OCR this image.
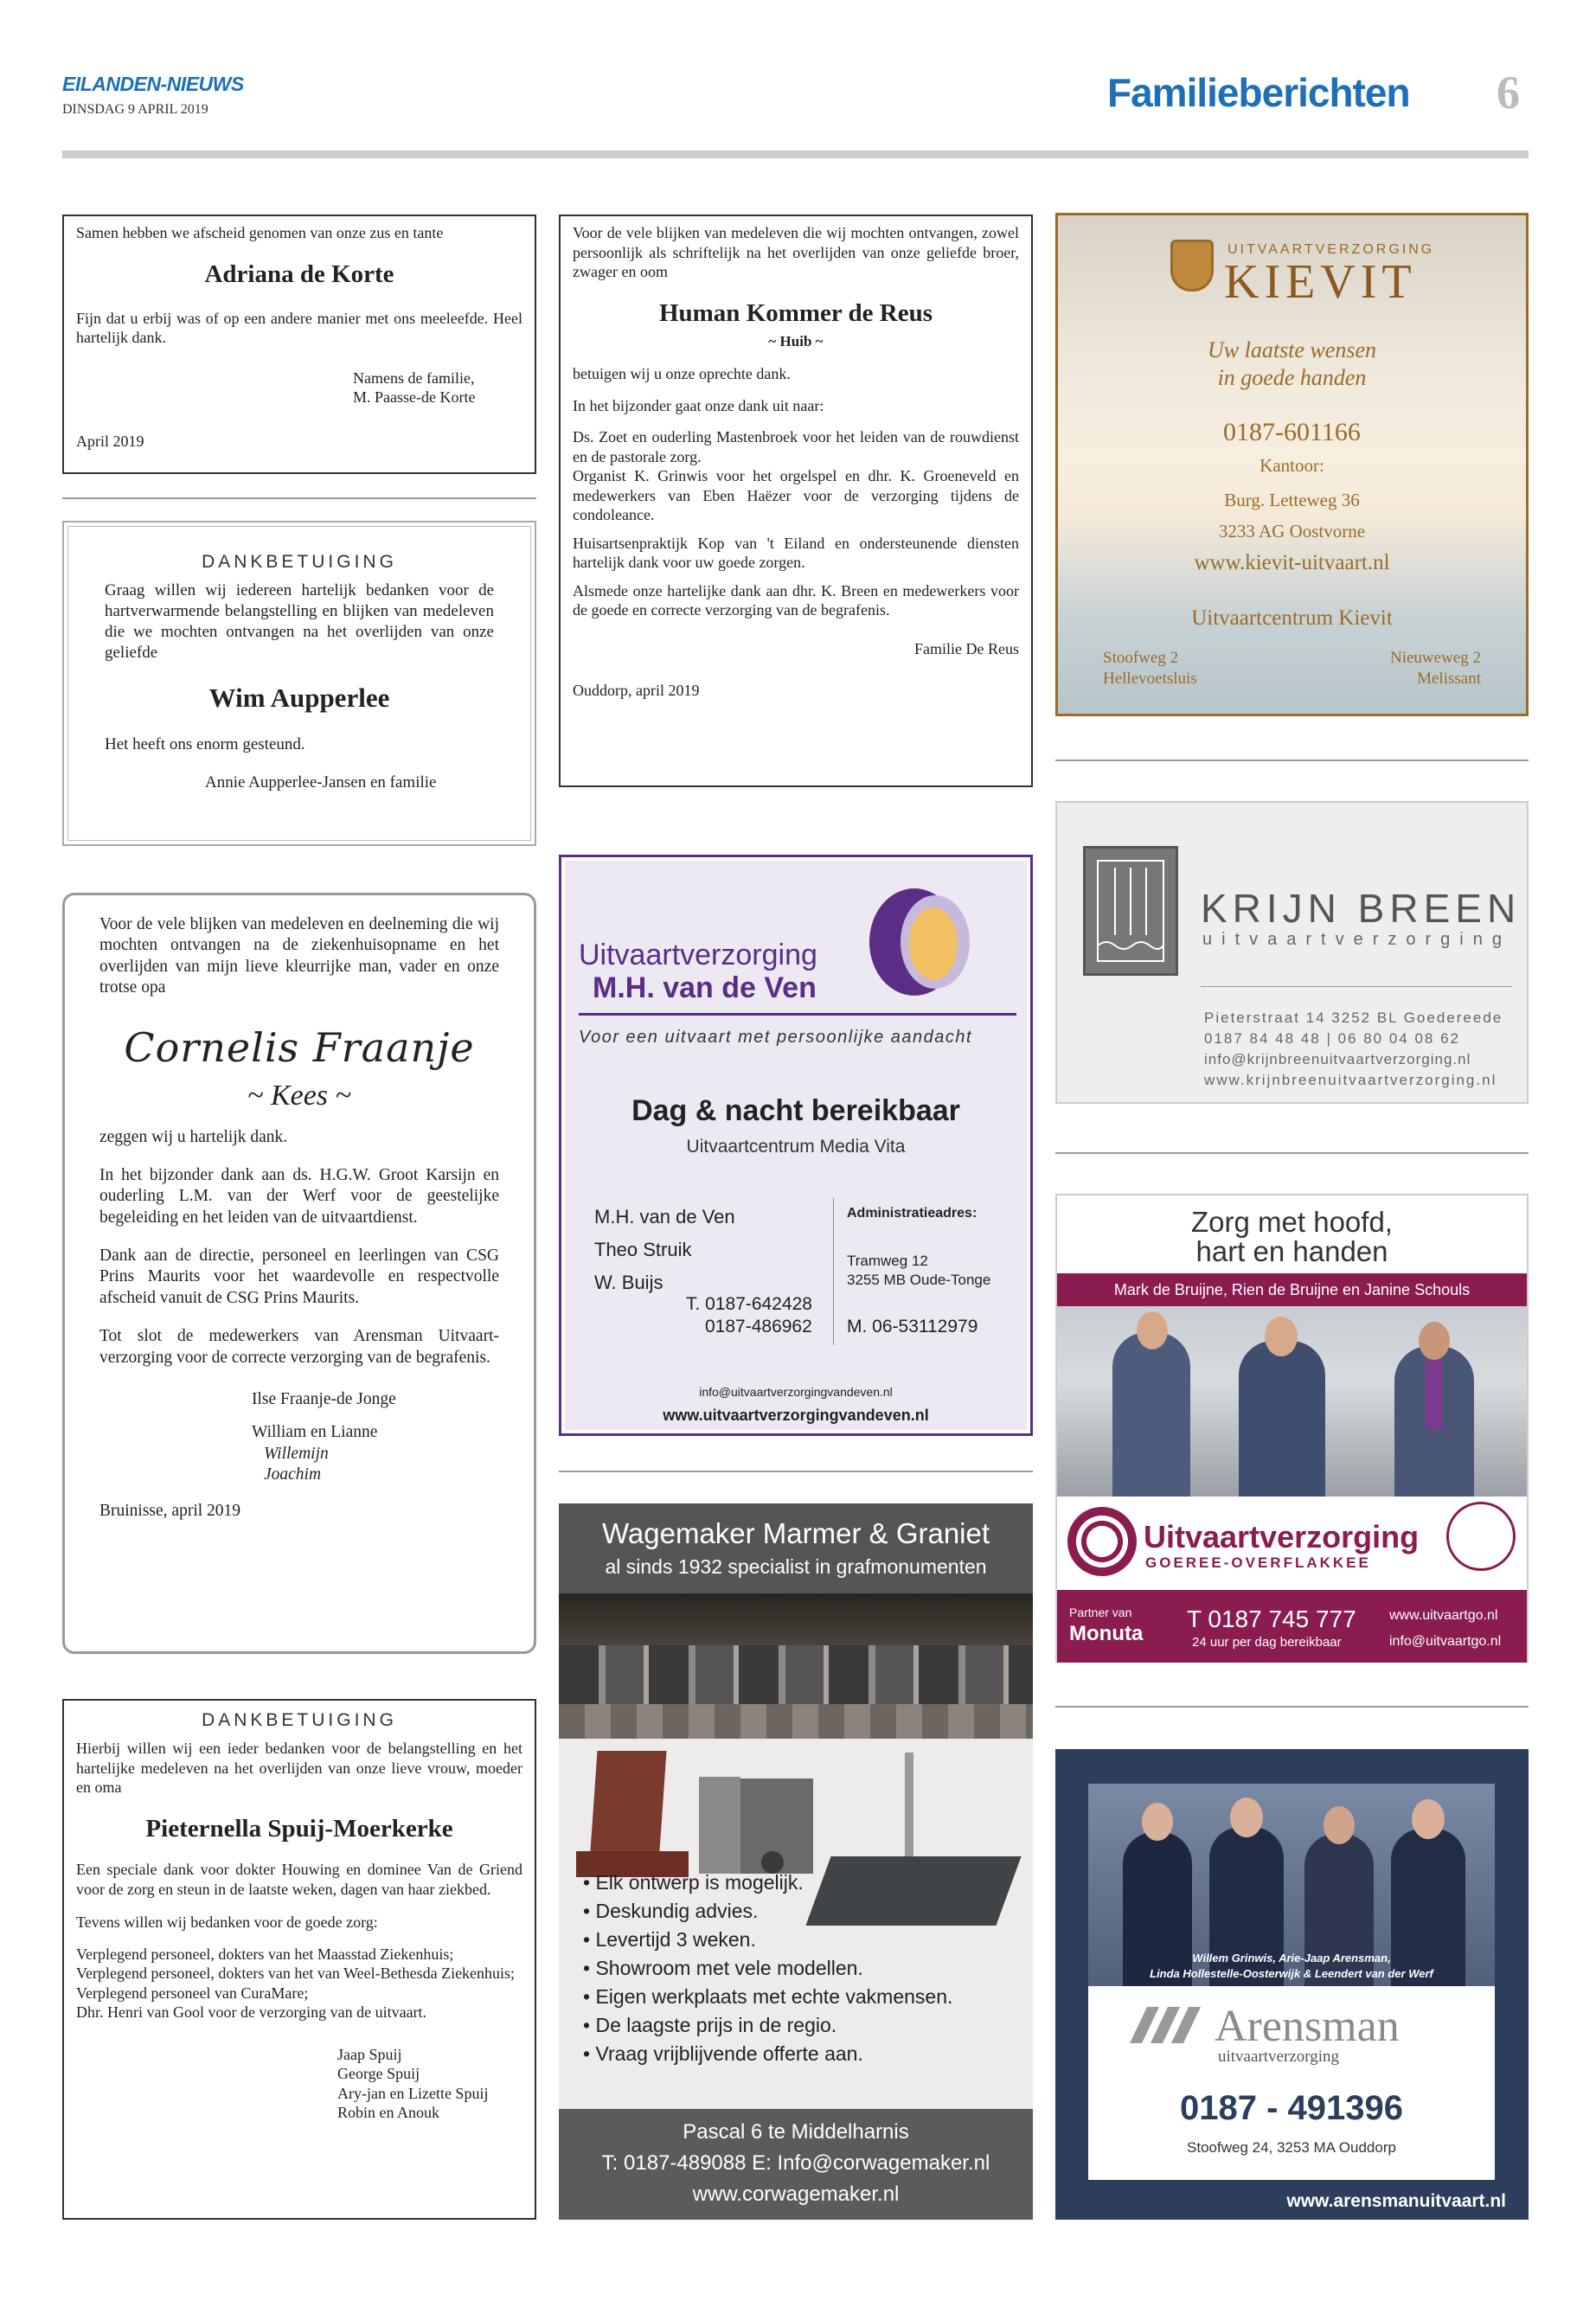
EILANDEN-NIEUWS
DINSDAG 9 APRIL 2019	Familieberichten 6

Samen hebben we afscheid genomen van onze zus en tante

Adriana de Korte

Fijn dat u erbij was of op een andere manier met ons meeleefde. Heel hartelijk dank.

Namens de familie,

M. Paasse-de Korte

April 2019

DANKBETUIGING

Graag willen wij iedereen hartelijk bedanken voor de hartverwarmende belangstelling en blijken van medeleven die we mochten ontvangen na het overlijden van onze geliefde

Wim Aupperlee

Het heeft ons enorm gesteund.

Annie Aupperlee-Jansen en familie

Voor de vele blijken van medeleven en deelneming die wij mochten ontvangen na de ziekenhuisopname en het overlijden van mijn lieve kleurrijke man, vader en onze trotse opa

Cornelis Fraanje

~ Kees ~

zeggen wij u hartelijk dank.

In het bijzonder dank aan ds. H.G.W. Groot Karsijn en ouderling L.M. van der Werf voor de geestelijke begeleiding en het leiden van de uitvaartdienst.

Dank aan de directie, personeel en leerlingen van CSG Prins Maurits voor het waardevolle en respectvolle afscheid vanuit de CSG Prins Maurits.

Tot slot de medewerkers van Arensman Uitvaart-verzorging voor de correcte verzorging van de begrafenis.

Ilse Fraanje-de Jonge

William en Lianne

Willemijn

Joachim

Bruinisse, april 2019

DANKBETUIGING

Hierbij willen wij een ieder bedanken voor de belangstelling en het hartelijke medeleven na het overlijden van onze lieve vrouw, moeder en oma

Pieternella Spuij-Moerkerke

Een speciale dank voor dokter Houwing en dominee Van de Griend voor de zorg en steun in de laatste weken, dagen van haar ziekbed.

Tevens willen wij bedanken voor de goede zorg:

Verplegend personeel, dokters van het Maasstad Ziekenhuis;

Verplegend personeel, dokters van het van Weel-Bethesda Ziekenhuis;

Verplegend personeel van CuraMare;

Dhr. Henri van Gool voor de verzorging van de uitvaart.

Jaap Spuij

George Spuij

Ary-jan en Lizette Spuij

Robin en Anouk

Voor de vele blijken van medeleven die wij mochten ontvangen, zowel persoonlijk als schriftelijk na het overlijden van onze geliefde broer, zwager en oom

Human Kommer de Reus

~ Huib ~

betuigen wij u onze oprechte dank.

In het bijzonder gaat onze dank uit naar:

Ds. Zoet en ouderling Mastenbroek voor het leiden van de rouwdienst en de pastorale zorg.

Organist K. Grinwis voor het orgelspel en dhr. K. Groeneveld en medewerkers van Eben Haëzer voor de verzorging tijdens de condoleance.

Huisartsenpraktijk Kop van 't Eiland en ondersteunende diensten hartelijk dank voor uw goede zorgen.

Alsmede onze hartelijke dank aan dhr. K. Breen en medewerkers voor de goede en correcte verzorging van de begrafenis.

Familie De Reus

Ouddorp, april 2019

Uitvaartverzorging

M.H. van de Ven

Voor een uitvaart met persoonlijke aandacht

Dag & nacht bereikbaar

Uitvaartcentrum Media Vita

M.H. van de Ven

Theo Struik

W. Buijs

T. 0187-642428

0187-486962

Administratieadres:

Tramweg 12

3255 MB Oude-Tonge

M. 06-53112979

info@uitvaartverzorgingvandeven.nl

www.uitvaartverzorgingvandeven.nl

Wagemaker Marmer & Graniet

al sinds 1932 specialist in grafmonumenten

• Elk ontwerp is mogelijk.
• Deskundig advies.
• Levertijd 3 weken.
• Showroom met vele modellen.
• Eigen werkplaats met echte vakmensen.
• De laagste prijs in de regio.
• Vraag vrijblijvende offerte aan.

Pascal 6 te Middelharnis

T: 0187-489088 E: Info@corwagemaker.nl

www.corwagemaker.nl

UITVAARTVERZORGING

KIEVIT

Uw laatste wensen

in goede handen

0187-601166

Kantoor:

Burg. Letteweg 36

3233 AG Oostvorne

www.kievit-uitvaart.nl

Uitvaartcentrum Kievit

Stoofweg 2

Hellevoetsluis

Nieuweweg 2

Melissant

KRIJN BREEN

uitvaartverzorging

Pieterstraat 14 3252 BL Goedereede

0187 84 48 48 | 06 80 04 08 62

info@krijnbreenuitvaartverzorging.nl

www.krijnbreenuitvaartverzorging.nl

Zorg met hoofd,

hart en handen

Mark de Bruijne, Rien de Bruijne en Janine Schouls

Uitvaartverzorging

GOEREE-OVERFLAKKEE

Partner van

Monuta

T 0187 745 777

24 uur per dag bereikbaar

www.uitvaartgo.nl

info@uitvaartgo.nl

Willem Grinwis, Arie-Jaap Arensman,

Linda Hollestelle-Oosterwijk & Leendert van der Werf

Arensman

uitvaartverzorging

0187 - 491396

Stoofweg 24, 3253 MA Ouddorp

www.arensmanuitvaart.nl
